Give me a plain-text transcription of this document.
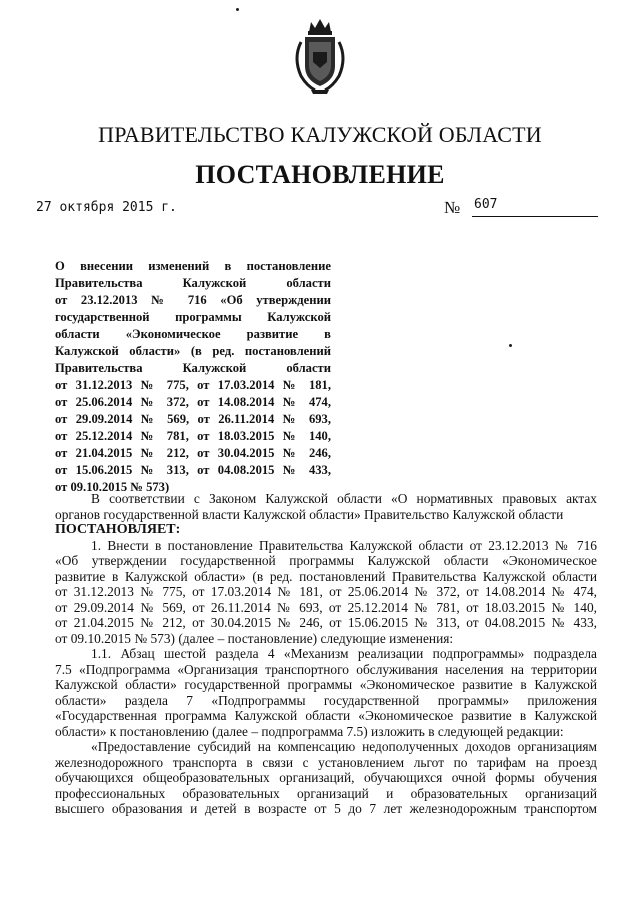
ПРАВИТЕЛЬСТВО КАЛУЖСКОЙ ОБЛАСТИ
ПОСТАНОВЛЕНИЕ
27 октября 2015 г.	№ 607
О внесении изменений в постановление
Правительства Калужской области
от 23.12.2013 № 716 «Об утверждении
государственной программы Калужской
области «Экономическое развитие в
Калужской области» (в ред. постановлений
Правительства Калужской области
от 31.12.2013 № 775, от 17.03.2014 № 181,
от 25.06.2014 № 372, от 14.08.2014 № 474,
от 29.09.2014 № 569, от 26.11.2014 № 693,
от 25.12.2014 № 781, от 18.03.2015 № 140,
от 21.04.2015 № 212, от 30.04.2015 № 246,
от 15.06.2015 № 313, от 04.08.2015 № 433,
от 09.10.2015 № 573)
В соответствии с Законом Калужской области «О нормативных правовых актах
органов государственной власти Калужской области» Правительство Калужской области
ПОСТАНОВЛЯЕТ:
1. Внести в постановление Правительства Калужской области от 23.12.2013 № 716
«Об утверждении государственной программы Калужской области «Экономическое
развитие в Калужской области» (в ред. постановлений Правительства Калужской области
от 31.12.2013 № 775, от 17.03.2014 № 181, от 25.06.2014 № 372, от 14.08.2014 № 474,
от 29.09.2014 № 569, от 26.11.2014 № 693, от 25.12.2014 № 781, от 18.03.2015 № 140,
от 21.04.2015 № 212, от 30.04.2015 № 246, от 15.06.2015 № 313, от 04.08.2015 № 433,
от 09.10.2015 № 573) (далее – постановление) следующие изменения:
1.1. Абзац шестой раздела 4 «Механизм реализации подпрограммы» подраздела
7.5 «Подпрограмма «Организация транспортного обслуживания населения на территории
Калужской области» государственной программы «Экономическое развитие в Калужской
области» раздела 7 «Подпрограммы государственной программы» приложения
«Государственная программа Калужской области «Экономическое развитие в Калужской
области» к постановлению (далее – подпрограмма 7.5) изложить в следующей редакции:
«Предоставление субсидий на компенсацию недополученных доходов организациям
железнодорожного транспорта в связи с установлением льгот по тарифам на проезд
обучающихся общеобразовательных организаций, обучающихся очной формы обучения
профессиональных образовательных организаций и образовательных организаций
высшего образования и детей в возрасте от 5 до 7 лет железнодорожным транспортом
